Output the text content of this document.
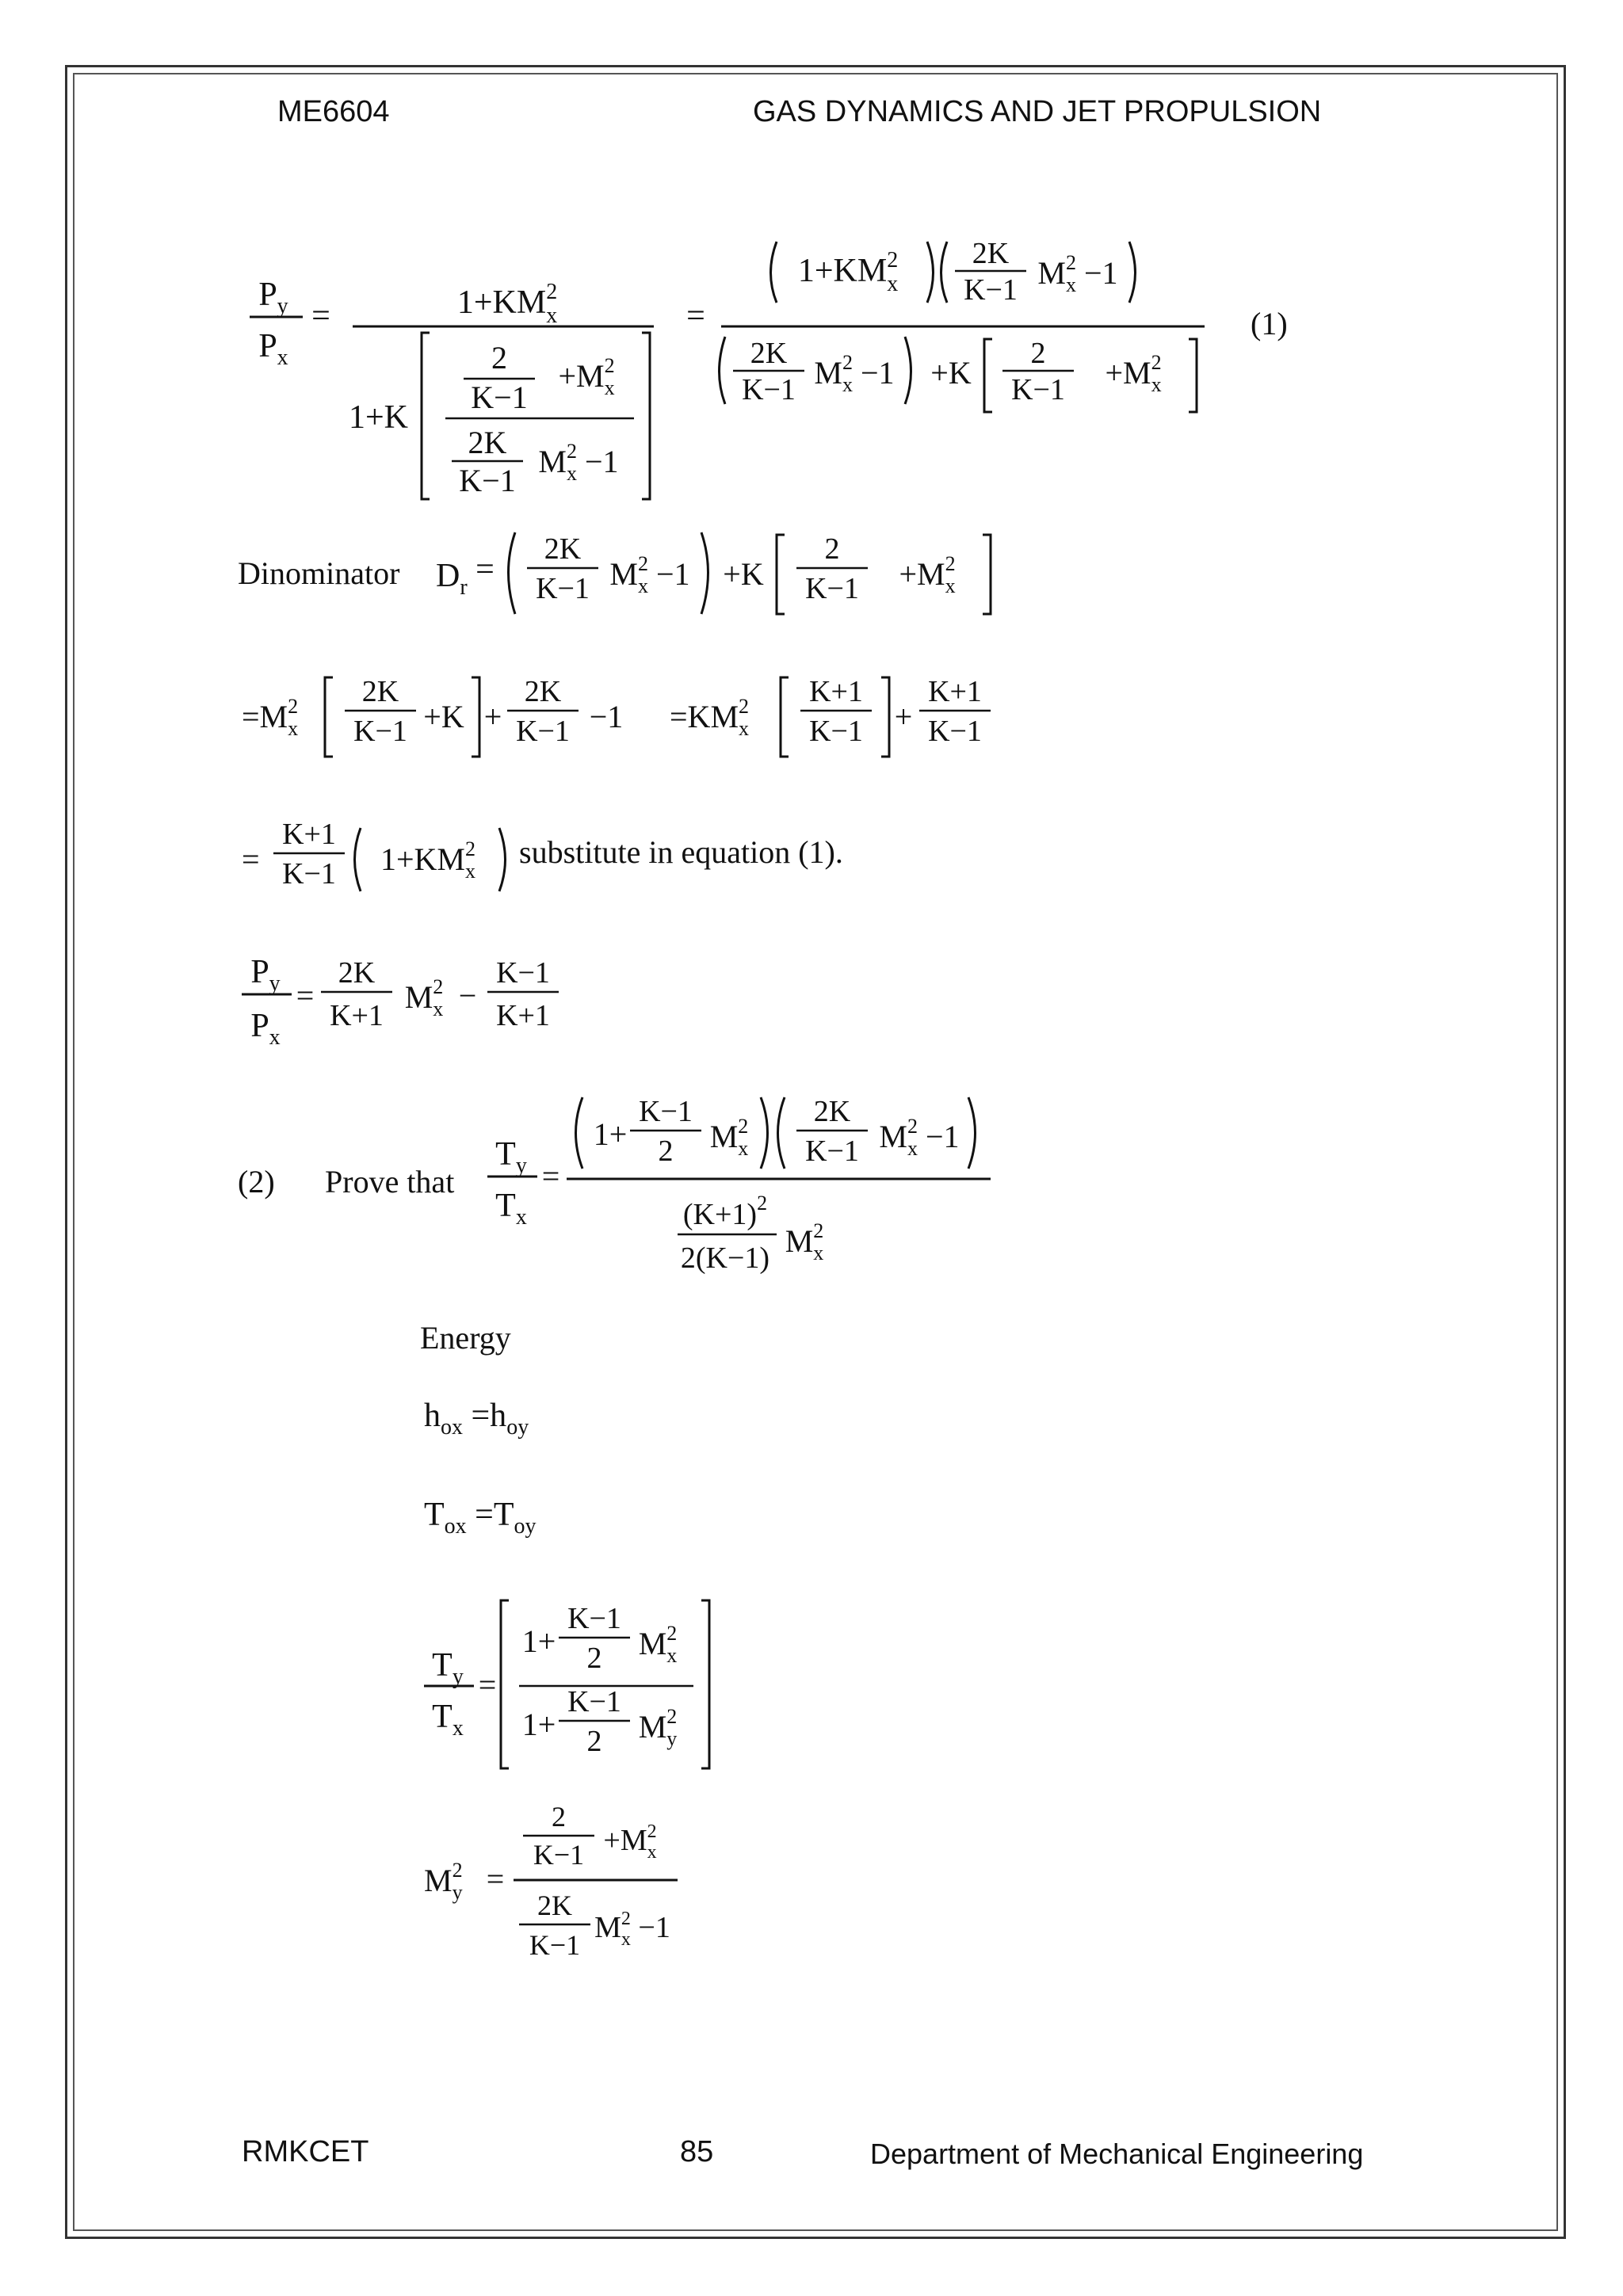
ME6604	GAS DYNAMICS AND JET PROPULSION
$P_y$
$P_x$
=	$1+KM^2$ x
1+K
2
K−1
$+M^2$ x
2K
K−1
$M^2$ x −1
=
$1+KM^2$ x
2K
K−1 $M^2$ x −1
2K
K−1 $M^2$ x −1 +K
2
$K-1 +M^2$ x
(1)
Dinominator $D_r$ =
2K
K−1 $M^2$ x −1 +K
2
$K-1 +M^2$ x
$=M^2$ x
2K
K−1 +K +
2K
$K-1 -1 =KM^2$ x
K+1
K−1 +
K+1
K−1
=
K+1
K−1 $1+KM^2$ x
substitute in equation (1).
$P_y$
$P_x$
=
2K
K+1
$M^2$ x −
K−1
K+1
(2) Prove that
$T_y$
$T_x$
=
1+
K−1
2 $M^2$ x
2K
K−1 $M^2$ x −1
$(K+1)^2$
2(K−1) $M^2$ x
Energy
$h_{ox} =h_{oy}$
$T_{ox} =T_{oy}$
$T_y$
$T_x$
=
1+
K−1
2 $M^2$ x
1+
K−1
2 $M^2$ y
$M^2$ y =
2
$K-1 +M^2$ x
2K
K−1
$M^2$ x −1
RMKCET	85	Department of Mechanical Engineering
